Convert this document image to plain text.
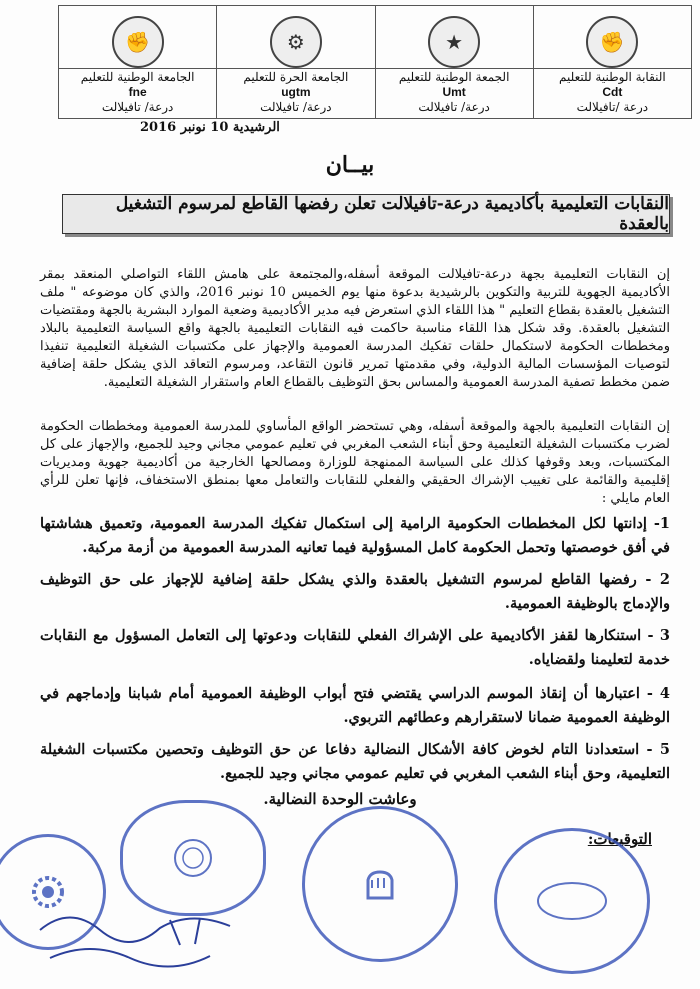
✊
النقابة الوطنية للتعليم
Cdt
درعة /تافيلالت
★
الجمعة الوطنية للتعليم
Umt
درعة/ تافيلالت
⚙
الجامعة الحرة للتعليم
ugtm
درعة/ تافيلالت
✊
الجامعة الوطنية للتعليم
fne
درعة/ تافيلالت
الرشيدية 10 نونبر 2016
بيــان
النقابات التعليمية بأكاديمية درعة-تافيلالت تعلن رفضها القاطع لمرسوم التشغيل بالعقدة
إن النقابات التعليمية بجهة درعة-تافيلالت الموقعة أسفله،والمجتمعة على هامش اللقاء التواصلي المنعقد بمقر الأكاديمية الجهوية للتربية والتكوين بالرشيدية بدعوة منها يوم الخميس 10 نونبر 2016، والذي كان موضوعه " ملف التشغيل بالعقدة بقطاع التعليم " هذا اللقاء الذي استعرض فيه مدير الأكاديمية وضعية الموارد البشرية بالجهة ومقتضيات التشغيل بالعقدة. وقد شكل هذا اللقاء مناسبة حاكمت فيه النقابات التعليمية بالجهة واقع السياسة التعليمية بالبلاد ومخططات الحكومة لاستكمال حلقات تفكيك المدرسة العمومية والإجهاز على مكتسبات الشغيلة التعليمية تنفيذا لتوصيات المؤسسات المالية الدولية، وفي مقدمتها تمرير قانون التقاعد، ومرسوم التعاقد الذي يشكل حلقة إضافية ضمن مخطط تصفية المدرسة العمومية والمساس بحق التوظيف بالقطاع العام واستقرار الشغيلة التعليمية.
إن النقابات التعليمية بالجهة والموقعة أسفله، وهي تستحضر الواقع المأساوي للمدرسة العمومية ومخططات الحكومة لضرب مكتسبات الشغيلة التعليمية وحق أبناء الشعب المغربي في تعليم عمومي مجاني وجيد للجميع، والإجهاز على كل المكتسبات، وبعد وقوفها كذلك على السياسة الممنهجة للوزارة ومصالحها الخارجية من أكاديمية جهوية ومديريات إقليمية والقائمة على تغييب الإشراك الحقيقي والفعلي للنقابات والتعامل معها بمنطق الاستخفاف، فإنها تعلن للرأي العام مايلي :
1- إدانتها لكل المخططات الحكومية الرامية إلى استكمال تفكيك المدرسة العمومية، وتعميق هشاشتها في أفق خوصصتها وتحمل الحكومة كامل المسؤولية فيما تعانيه المدرسة العمومية من أزمة مركبة.
2 - رفضها القاطع لمرسوم التشغيل بالعقدة والذي يشكل حلقة إضافية للإجهاز على حق التوظيف والإدماج بالوظيفة العمومية.
3 - استنكارها لقفز الأكاديمية على الإشراك الفعلي للنقابات ودعوتها إلى التعامل المسؤول مع النقابات خدمة لتعليمنا ولقضاياه.
4 - اعتبارها أن إنقاذ الموسم الدراسي يقتضي فتح أبواب الوظيفة العمومية أمام شبابنا وإدماجهم في الوظيفة العمومية ضمانا لاستقرارهم وعطائهم التربوي.
5 - استعدادنا التام لخوض كافة الأشكال النضالية دفاعا عن حق التوظيف وتحصين مكتسبات الشغيلة التعليمية، وحق أبناء الشعب المغربي في تعليم عمومي مجاني وجيد للجميع.
وعاشت الوحدة النضالية.
التوقيعات:
